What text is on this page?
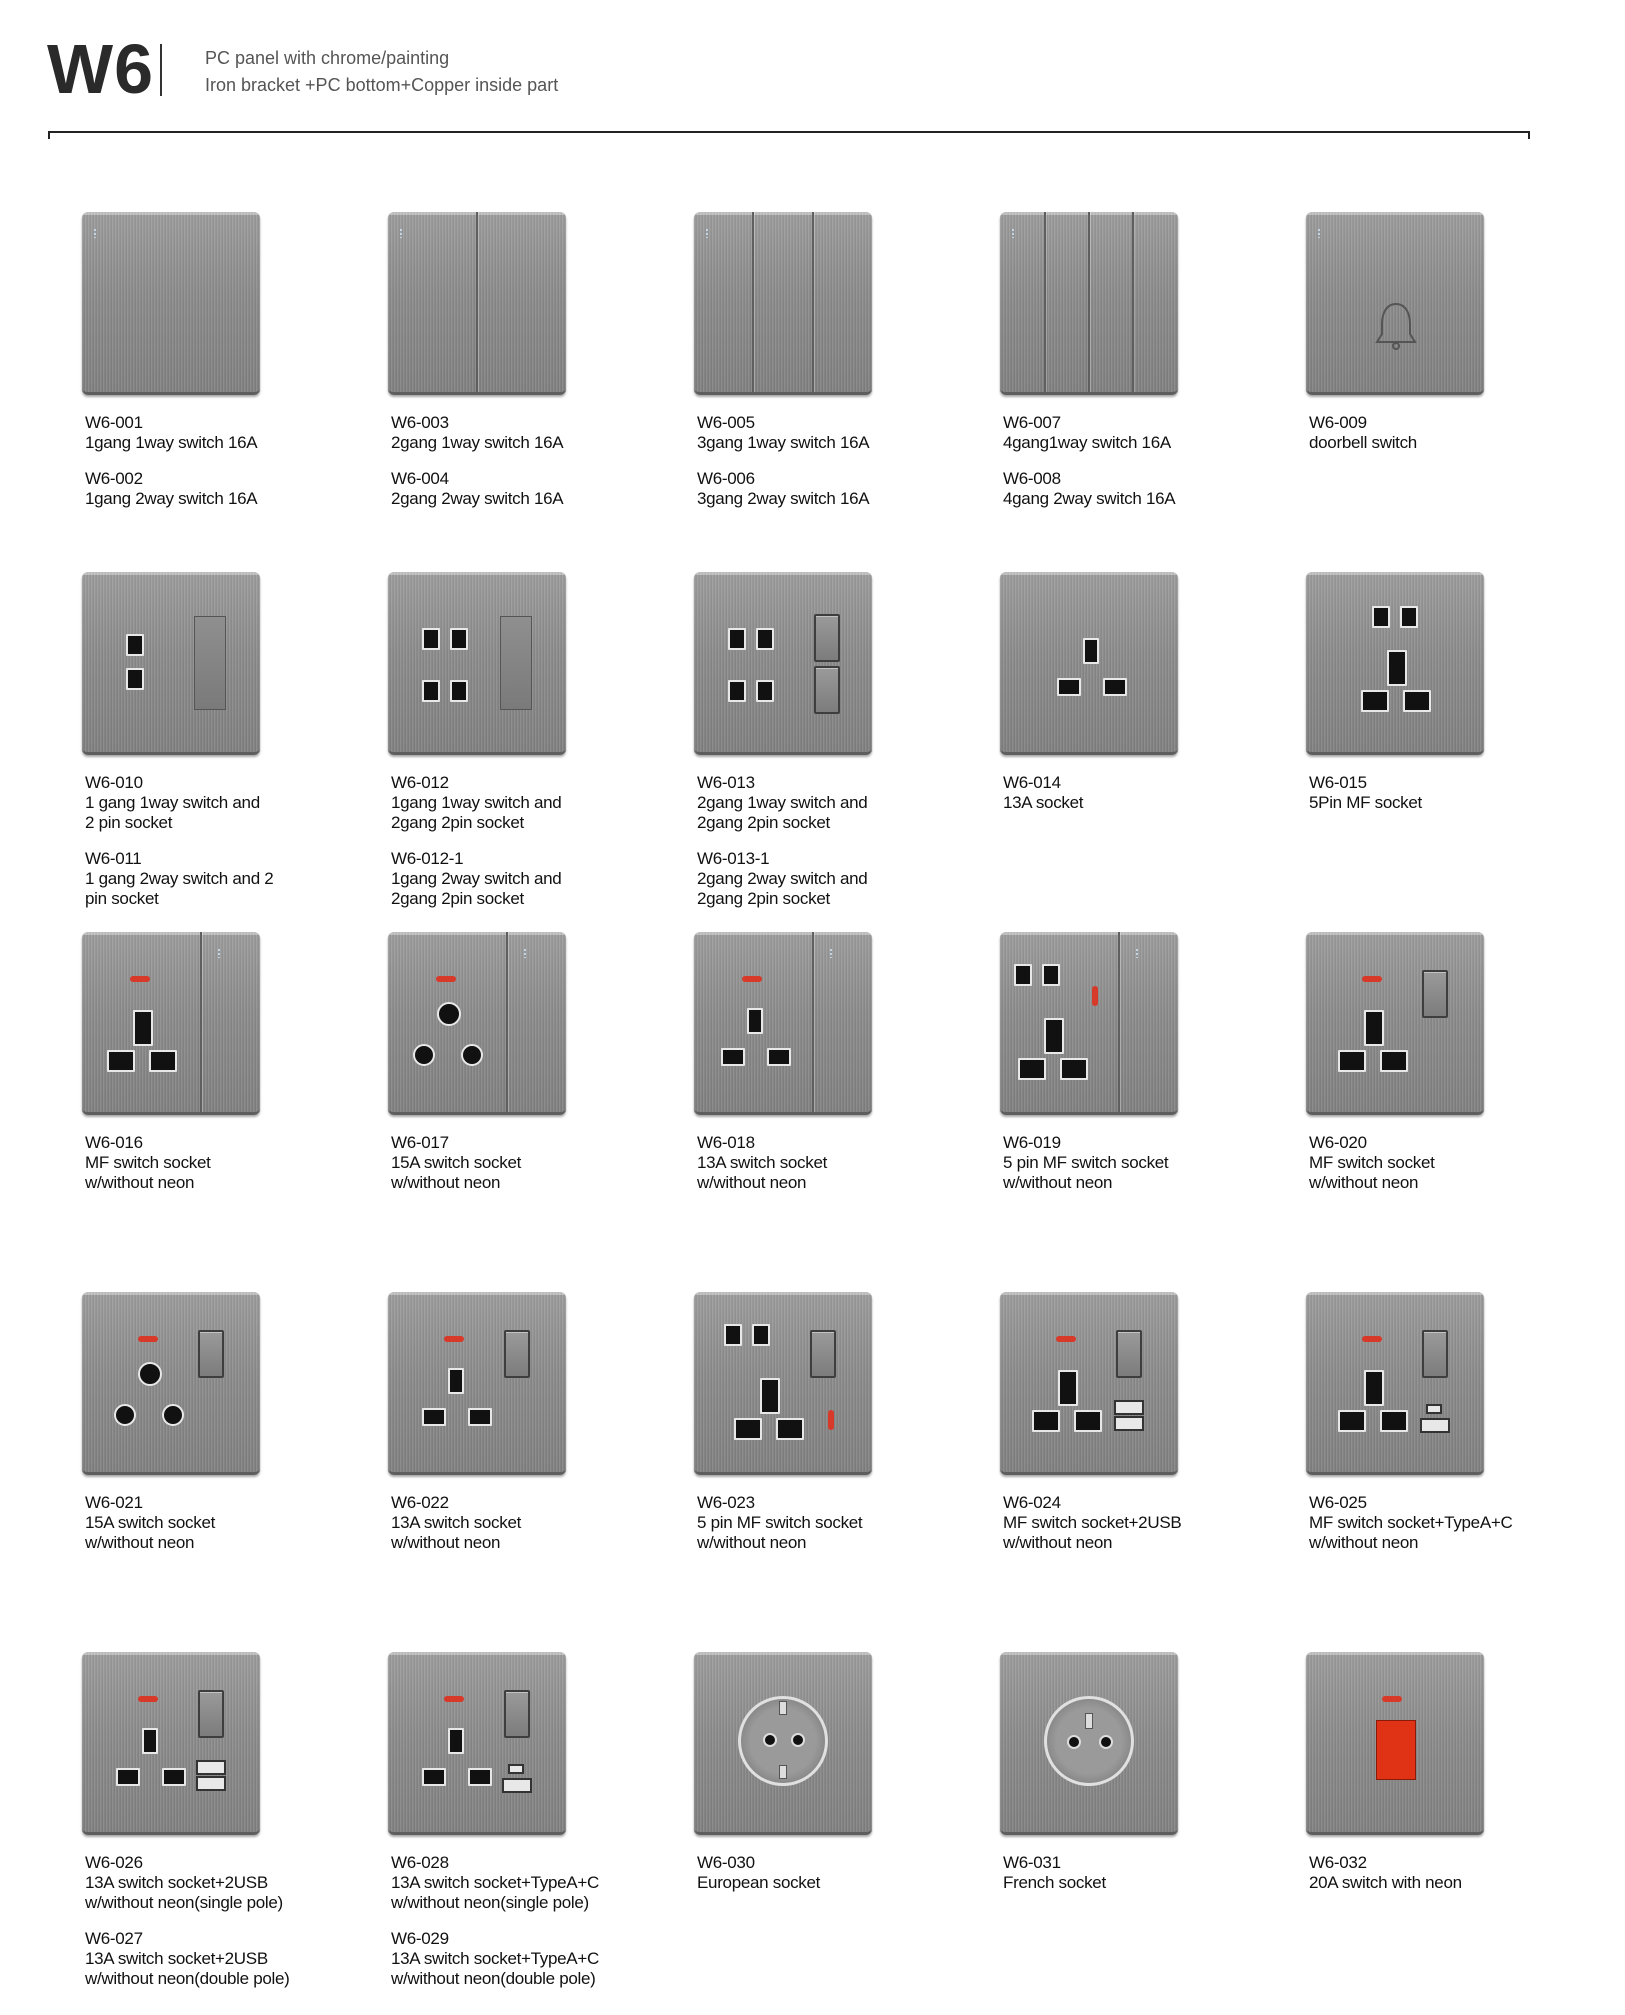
W6	PC panel with chrome/painting
Iron bracket +PC bottom+Copper inside part
W6-001
1gang 1way switch 16A
W6-002
1gang 2way switch 16A
W6-003
2gang 1way switch 16A
W6-004
2gang 2way switch 16A
W6-005
3gang 1way switch 16A
W6-006
3gang 2way switch 16A
W6-007
4gang1way switch 16A
W6-008
4gang 2way switch 16A
W6-009
doorbell switch
W6-010
1 gang 1way switch and
2 pin socket
W6-011
1 gang 2way switch and 2
pin socket
W6-012
1gang 1way switch and
2gang 2pin socket
W6-012-1
1gang 2way switch and
2gang 2pin socket
W6-013
2gang 1way switch and
2gang 2pin socket
W6-013-1
2gang 2way switch and
2gang 2pin socket
W6-014
13A socket
W6-015
5Pin MF socket
W6-016
MF switch socket
w/without neon
W6-017
15A switch socket
w/without neon
W6-018
13A switch socket
w/without neon
W6-019
5 pin MF switch socket
w/without neon
W6-020
MF switch socket
w/without neon
W6-021
15A switch socket
w/without neon
W6-022
13A switch socket
w/without neon
W6-023
5 pin MF switch socket
w/without neon
W6-024
MF switch socket+2USB
w/without neon
W6-025
MF switch socket+TypeA+C
w/without neon
W6-026
13A switch socket+2USB
w/without neon(single pole)
W6-027
13A switch socket+2USB
w/without neon(double pole)
W6-028
13A switch socket+TypeA+C
w/without neon(single pole)
W6-029
13A switch socket+TypeA+C
w/without neon(double pole)
W6-030
European socket
W6-031
French socket
W6-032
20A switch with neon
